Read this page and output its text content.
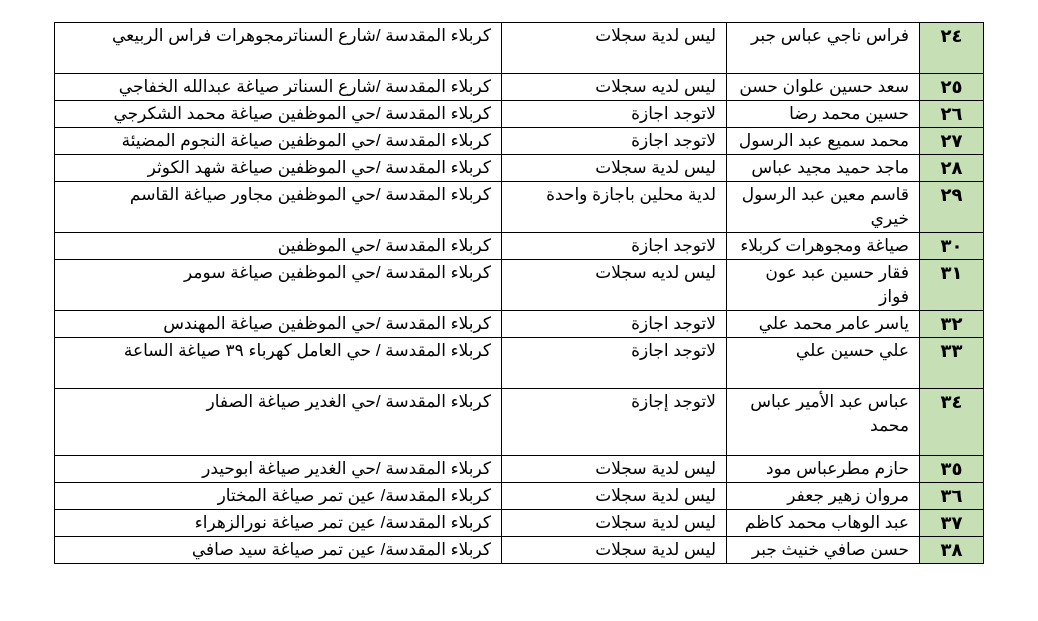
٢٤	فراس ناجي عباس جبر	ليس لدية سجلات	كربلاء المقدسة /شارع السناترمجوهرات فراس الربيعي
٢٥	سعد حسين علوان حسن	ليس لديه سجلات	كربلاء المقدسة /شارع السناتر صياغة عبدالله الخفاجي
٢٦	حسين محمد رضا	لاتوجد اجازة	كربلاء المقدسة /حي الموظفين صياغة محمد الشكرجي
٢٧	محمد سميع عبد الرسول	لاتوجد اجازة	كربلاء المقدسة /حي الموظفين صياغة النجوم المضيئة
٢٨	ماجد حميد مجيد عباس	ليس لدية سجلات	كربلاء المقدسة /حي الموظفين صياغة شهد الكوثر
٢٩	قاسم معين عبد الرسول خيري	لدية محلين باجازة واحدة	كربلاء المقدسة /حي الموظفين مجاور صياغة القاسم
٣٠	صياغة ومجوهرات كربلاء	لاتوجد اجازة	كربلاء المقدسة /حي الموظفين
٣١	فقار حسين عبد عون فواز	ليس لديه سجلات	كربلاء المقدسة /حي الموظفين صياغة سومر
٣٢	ياسر عامر محمد علي	لاتوجد اجازة	كربلاء المقدسة /حي الموظفين صياغة المهندس
٣٣	علي حسين علي	لاتوجد اجازة	كربلاء المقدسة / حي العامل كهرباء ٣٩ صياغة الساعة
٣٤	عباس عبد الأمير عباس محمد	لاتوجد إجازة	كربلاء المقدسة /حي الغدير صياغة الصفار
٣٥	حازم مطرعباس مود	ليس لدية سجلات	كربلاء المقدسة /حي الغدير صياغة ابوحيدر
٣٦	مروان زهير جعفر	ليس لدية سجلات	كربلاء المقدسة/ عين تمر صياغة المختار
٣٧	عبد الوهاب محمد كاظم	ليس لدية سجلات	كربلاء المقدسة/ عين تمر صياغة نورالزهراء
٣٨	حسن صافي خنيث جبر	ليس لدية سجلات	كربلاء المقدسة/ عين تمر صياغة سيد صافي
